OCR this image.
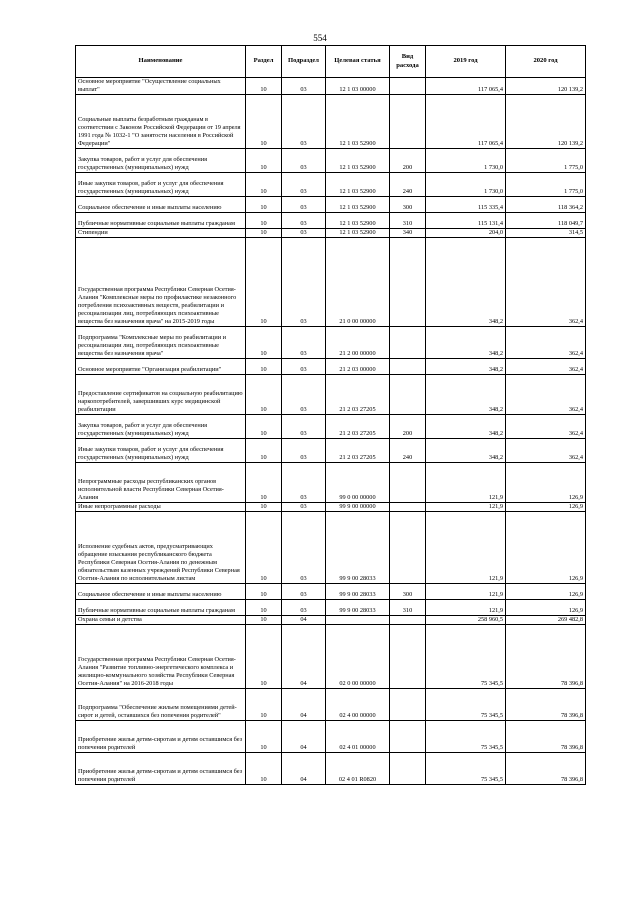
554
Наименование	Раздел	Подраздел	Целевая статья	Вид расхода	2019 год	2020 год
Основное мероприятие "Осуществление социальных выплат"	10	03	12 1 03 00000		117 065,4	120 139,2
Социальные выплаты безработным гражданам в соответствии с Законом Российской Федерации от 19 апреля 1991 года № 1032-1 "О занятости населения в Российской Федерации"	10	03	12 1 03 52900		117 065,4	120 139,2
Закупка товаров, работ и услуг для обеспечения государственных (муниципальных) нужд	10	03	12 1 03 52900	200	1 730,0	1 775,0
Иные закупки товаров, работ и услуг для обеспечения государственных (муниципальных) нужд	10	03	12 1 03 52900	240	1 730,0	1 775,0
Социальное обеспечение и иные выплаты населению	10	03	12 1 03 52900	300	115 335,4	118 364,2
Публичные нормативные социальные выплаты гражданам	10	03	12 1 03 52900	310	115 131,4	118 049,7
Стипендии	10	03	12 1 03 52900	340	204,0	314,5
Государственная программа Республики Северная Осетия-Алания "Комплексные меры по профилактике незаконного потребления психоактивных веществ, реабилитации и ресоциализации лиц, потребляющих психоактивные вещества без назначения врача" на 2015-2019 годы	10	03	21 0 00 00000		348,2	362,4
Подпрограмма "Комплексные меры по реабилитации и ресоциализации лиц, потребляющих психоактивные вещества без назначения врача"	10	03	21 2 00 00000		348,2	362,4
Основное мероприятие "Организация реабилитации"	10	03	21 2 03 00000		348,2	362,4
Предоставление сертификатов на социальную реабилитацию наркопотребителей, завершивших курс медицинской реабилитации	10	03	21 2 03 27205		348,2	362,4
Закупка товаров, работ и услуг для обеспечения государственных (муниципальных) нужд	10	03	21 2 03 27205	200	348,2	362,4
Иные закупки товаров, работ и услуг для обеспечения государственных (муниципальных) нужд	10	03	21 2 03 27205	240	348,2	362,4
Непрограммные расходы республиканских органов исполнительной власти Республики Северная Осетия-Алания	10	03	99 0 00 00000		121,9	126,9
Иные непрограммные расходы	10	03	99 9 00 00000		121,9	126,9
Исполнение судебных актов, предусматривающих обращение взыскания республиканского бюджета Республики Северная Осетия-Алания по денежным обязательствам казенных учреждений Республики Северная Осетия-Алания по исполнительным листам	10	03	99 9 00 28033		121,9	126,9
Социальное обеспечение и иные выплаты населению	10	03	99 9 00 28033	300	121,9	126,9
Публичные нормативные социальные выплаты гражданам	10	03	99 9 00 28033	310	121,9	126,9
Охрана семьи и детства	10	04			258 960,5	269 482,8
Государственная программа Республики Северная Осетия-Алания "Развитие топливно-энергетического комплекса и жилищно-коммунального хозяйства Республики Северная Осетия-Алания" на 2016-2018 годы	10	04	02 0 00 00000		75 345,5	78 396,8
Подпрограмма "Обеспечение жильем помещениями детей-сирот и детей, оставшихся без попечения родителей"	10	04	02 4 00 00000		75 345,5	78 396,8
Приобретение жилья детям-сиротам и детям оставшимся без попечения родителей	10	04	02 4 01 00000		75 345,5	78 396,8
Приобретение жилья детям-сиротам и детям оставшимся без попечения родителей	10	04	02 4 01 R0820		75 345,5	78 396,8
